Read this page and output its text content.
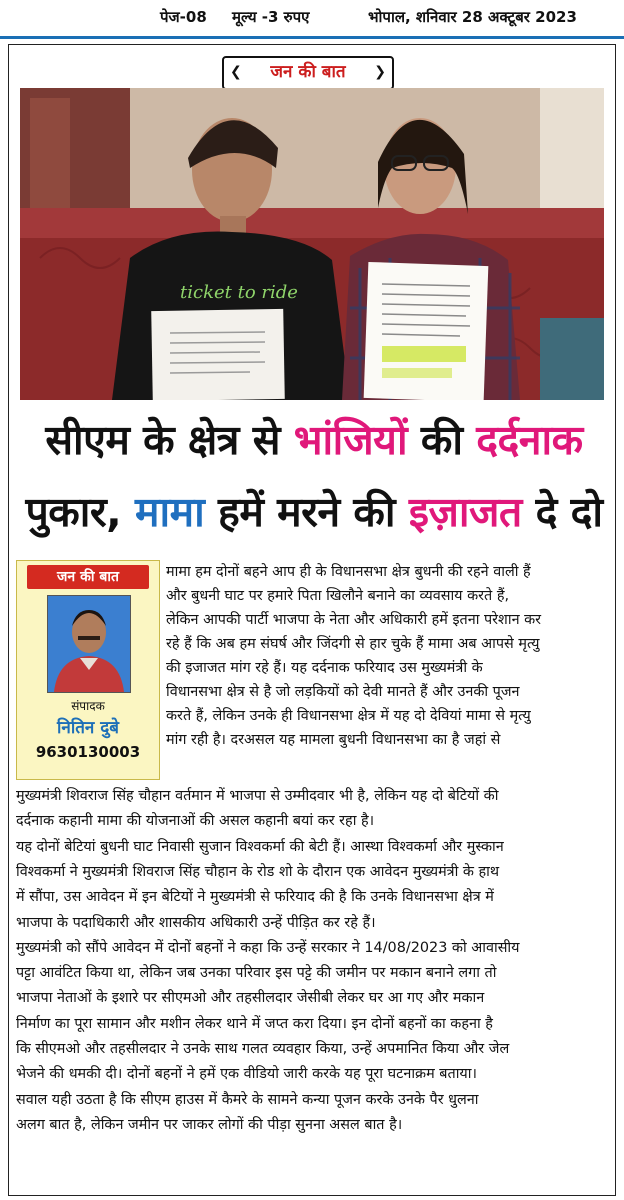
पेज-08 मूल्य -3 रुपए	भोपाल, शनिवार 28 अक्टूबर 2023
❮ जन की बात ❯
ticket to ride
सीएम के क्षेत्र से भांजियों की दर्दनाक
पुकार, मामा हमें मरने की इज़ाजत दे दो
जन की बात
संपादक
नितिन दुबे
9630130003
मामा हम दोनों बहने आप ही के विधानसभा क्षेत्र बुधनी की रहने वाली हैं
और बुधनी घाट पर हमारे पिता खिलौने बनाने का व्यवसाय करते हैं,
लेकिन आपकी पार्टी भाजपा के नेता और अधिकारी हमें इतना परेशान कर
रहे हैं कि अब हम संघर्ष और जिंदगी से हार चुके हैं मामा अब आपसे मृत्यु
की इजाजत मांग रहे हैं। यह दर्दनाक फरियाद उस मुख्यमंत्री के
विधानसभा क्षेत्र से है जो लड़कियों को देवी मानते हैं और उनकी पूजन
करते हैं, लेकिन उनके ही विधानसभा क्षेत्र में यह दो देवियां मामा से मृत्यु
मांग रही है। दरअसल यह मामला बुधनी विधानसभा का है जहां से
मुख्यमंत्री शिवराज सिंह चौहान वर्तमान में भाजपा से उम्मीदवार भी है, लेकिन यह दो बेटियों की
दर्दनाक कहानी मामा की योजनाओं की असल कहानी बयां कर रहा है।
यह दोनों बेटियां बुधनी घाट निवासी सुजान विश्वकर्मा की बेटी हैं। आस्था विश्वकर्मा और मुस्कान
विश्वकर्मा ने मुख्यमंत्री शिवराज सिंह चौहान के रोड शो के दौरान एक आवेदन मुख्यमंत्री के हाथ
में सौंपा, उस आवेदन में इन बेटियों ने मुख्यमंत्री से फरियाद की है कि उनके विधानसभा क्षेत्र में
भाजपा के पदाधिकारी और शासकीय अधिकारी उन्हें पीड़ित कर रहे हैं।
मुख्यमंत्री को सौंपे आवेदन में दोनों बहनों ने कहा कि उन्हें सरकार ने 14/08/2023 को आवासीय
पट्टा आवंटित किया था, लेकिन जब उनका परिवार इस पट्टे की जमीन पर मकान बनाने लगा तो
भाजपा नेताओं के इशारे पर सीएमओ और तहसीलदार जेसीबी लेकर घर आ गए और मकान
निर्माण का पूरा सामान और मशीन लेकर थाने में जप्त करा दिया। इन दोनों बहनों का कहना है
कि सीएमओ और तहसीलदार ने उनके साथ गलत व्यवहार किया, उन्हें अपमानित किया और जेल
भेजने की धमकी दी। दोनों बहनों ने हमें एक वीडियो जारी करके यह पूरा घटनाक्रम बताया।
सवाल यही उठता है कि सीएम हाउस में कैमरे के सामने कन्या पूजन करके उनके पैर धुलना
अलग बात है, लेकिन जमीन पर जाकर लोगों की पीड़ा सुनना असल बात है।
